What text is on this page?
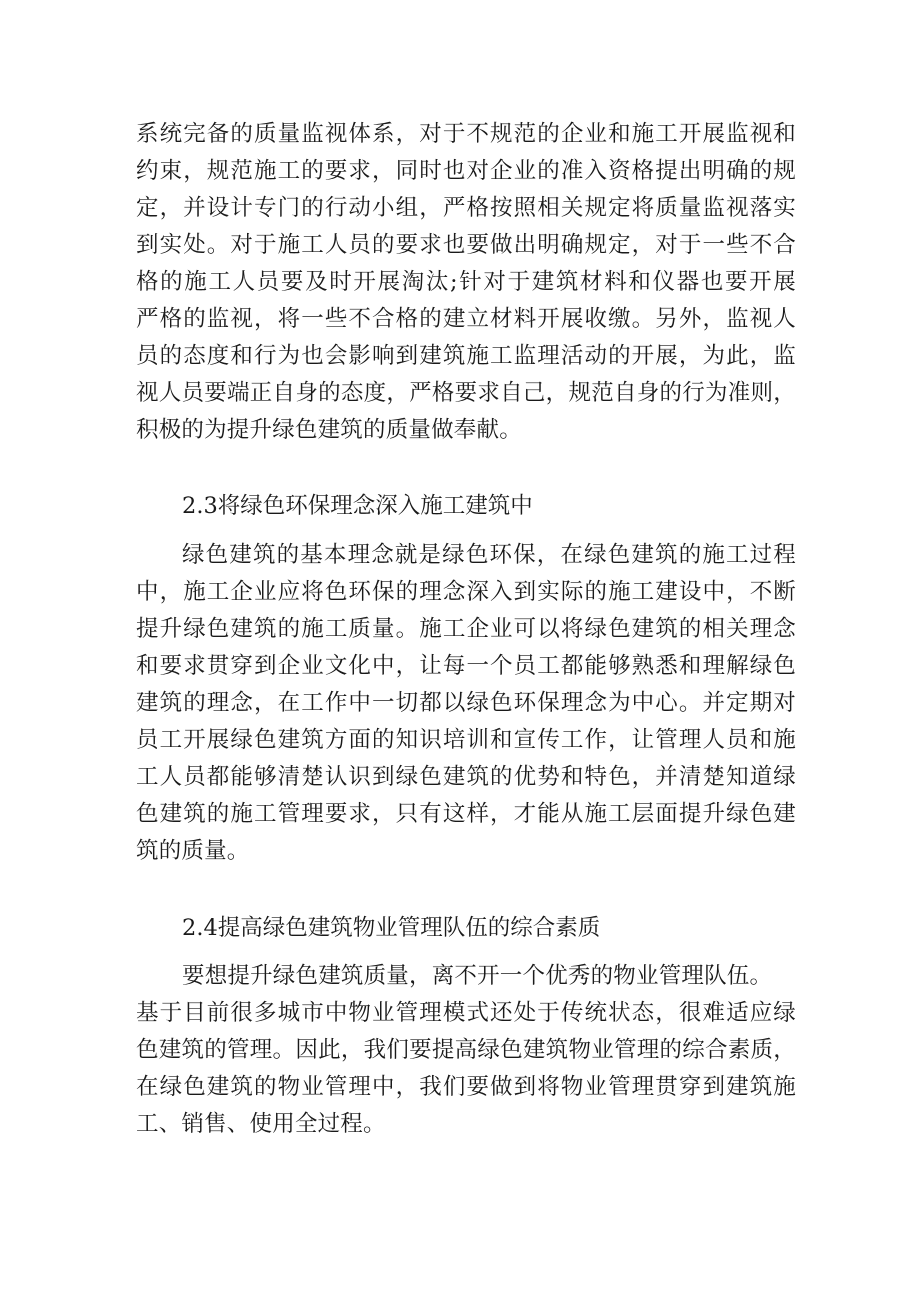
系统完备的质量监视体系，对于不规范的企业和施工开展监视和
约束，规范施工的要求，同时也对企业的准入资格提出明确的规
定，并设计专门的行动小组，严格按照相关规定将质量监视落实
到实处。对于施工人员的要求也要做出明确规定，对于一些不合
格的施工人员要及时开展淘汰;针对于建筑材料和仪器也要开展
严格的监视，将一些不合格的建立材料开展收缴。另外，监视人
员的态度和行为也会影响到建筑施工监理活动的开展，为此，监
视人员要端正自身的态度，严格要求自己，规范自身的行为准则，
积极的为提升绿色建筑的质量做奉献。
2.3将绿色环保理念深入施工建筑中
绿色建筑的基本理念就是绿色环保，在绿色建筑的施工过程
中，施工企业应将色环保的理念深入到实际的施工建设中，不断
提升绿色建筑的施工质量。施工企业可以将绿色建筑的相关理念
和要求贯穿到企业文化中，让每一个员工都能够熟悉和理解绿色
建筑的理念，在工作中一切都以绿色环保理念为中心。并定期对
员工开展绿色建筑方面的知识培训和宣传工作，让管理人员和施
工人员都能够清楚认识到绿色建筑的优势和特色，并清楚知道绿
色建筑的施工管理要求，只有这样，才能从施工层面提升绿色建
筑的质量。
2.4提高绿色建筑物业管理队伍的综合素质
要想提升绿色建筑质量，离不开一个优秀的物业管理队伍。
基于目前很多城市中物业管理模式还处于传统状态，很难适应绿
色建筑的管理。因此，我们要提高绿色建筑物业管理的综合素质，
在绿色建筑的物业管理中，我们要做到将物业管理贯穿到建筑施
工、销售、使用全过程。
